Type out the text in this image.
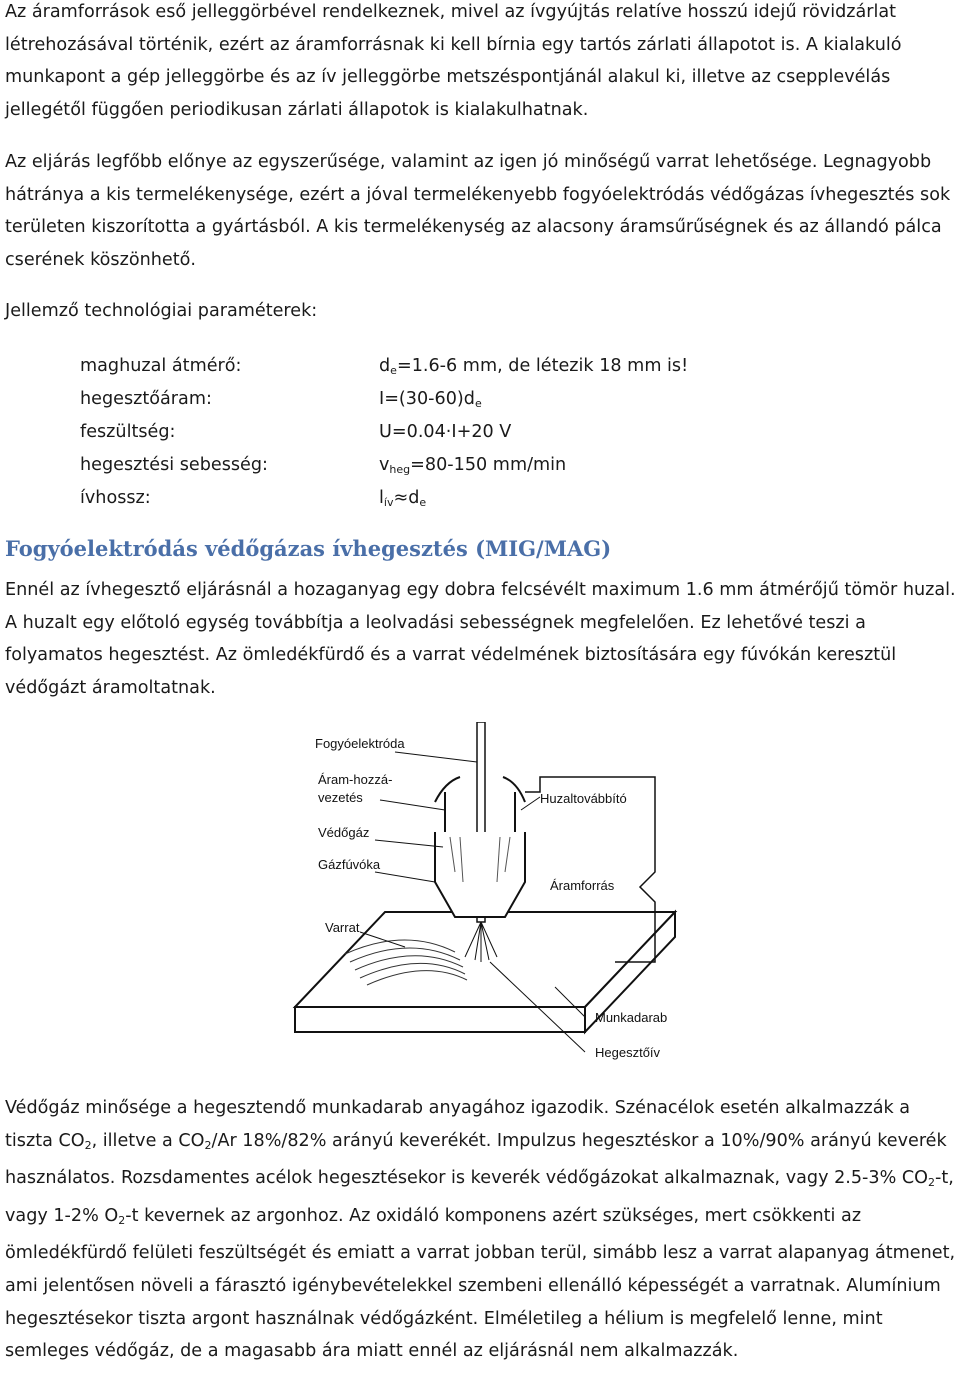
Az áramforrások eső jelleggörbével rendelkeznek, mivel az ívgyújtás relatíve hosszú idejű rövidzárlat létrehozásával történik, ezért az áramforrásnak ki kell bírnia egy tartós zárlati állapotot is. A kialakuló munkapont a gép jelleggörbe és az ív jelleggörbe metszéspontjánál alakul ki, illetve az csepplevélás jellegétől függően periodikusan zárlati állapotok is kialakulhatnak.

Az eljárás legfőbb előnye az egyszerűsége, valamint az igen jó minőségű varrat lehetősége. Legnagyobb hátránya a kis termelékenysége, ezért a jóval termelékenyebb fogyóelektródás védőgázas ívhegesztés sok területen kiszorította a gyártásból. A kis termelékenység az alacsony áramsűrűségnek és az állandó pálca cserének köszönhető.

Jellemző technológiai paraméterek:

maghuzal átmérő:	$d_e=1.6-6$ mm, de létezik 18 mm is!
hegesztőáram:	$I=(30-60)d_e$
feszültség:	U=0.04·I+20 V
hegesztési sebesség:	$v_{heg}=80-150$ mm/min
ívhossz:	$l_{ív}\approx d_e$
Fogyóelektródás védőgázas ívhegesztés (MIG/MAG)

Ennél az ívhegesztő eljárásnál a hozaganyag egy dobra felcsévélt maximum 1.6 mm átmérőjű tömör huzal. A huzalt egy előtoló egység továbbítja a leolvadási sebességnek megfelelően. Ez lehetővé teszi a folyamatos hegesztést. Az ömledékfürdő és a varrat védelmének biztosítására egy fúvókán keresztül védőgázt áramoltatnak.

Fogyóelektróda
Áram-hozzá-
vezetés
Védőgáz
Gázfúvóka
Varrat
Huzaltovábbító
Áramforrás
Munkadarab
Hegesztőív

Védőgáz minősége a hegesztendő munkadarab anyagához igazodik. Szénacélok esetén alkalmazzák a tiszta $CO_2$, illetve a $CO_2/Ar$ 18%/82% arányú keverékét. Impulzus hegesztéskor a 10%/90% arányú keverék használatos. Rozsdamentes acélok hegesztésekor is keverék védőgázokat alkalmaznak, vagy 2.5-3% $CO_2-t$, vagy 1-2% $O_2-t$ kevernek az argonhoz. Az oxidáló komponens azért szükséges, mert csökkenti az ömledékfürdő felületi feszültségét és emiatt a varrat jobban terül, simább lesz a varrat alapanyag átmenet, ami jelentősen növeli a fárasztó igénybevételekkel szembeni ellenálló képességét a varratnak. Alumínium hegesztésekor tiszta argont használnak védőgázként. Elméletileg a hélium is megfelelő lenne, mint semleges védőgáz, de a magasabb ára miatt ennél az eljárásnál nem alkalmazzák.
